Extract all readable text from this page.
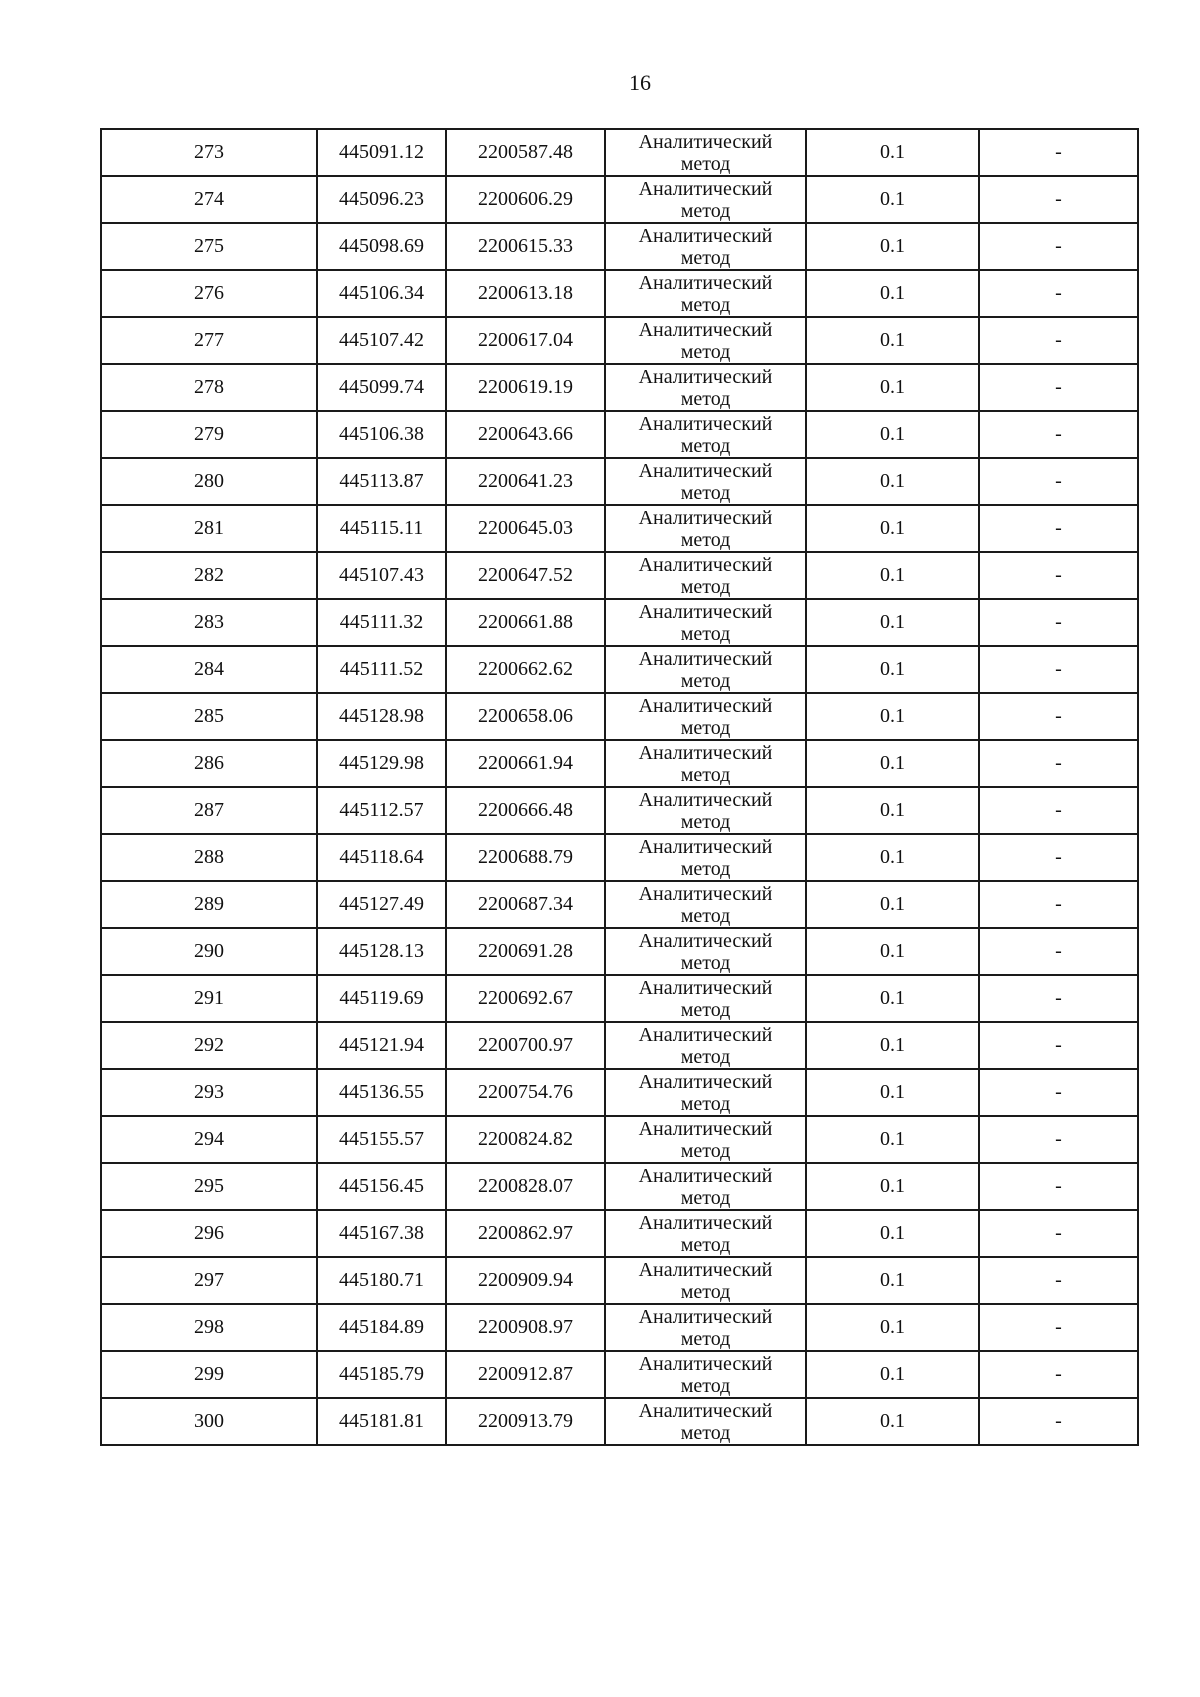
16
273	445091.12	2200587.48	Аналитический
метод	0.1	-
274	445096.23	2200606.29	Аналитический
метод	0.1	-
275	445098.69	2200615.33	Аналитический
метод	0.1	-
276	445106.34	2200613.18	Аналитический
метод	0.1	-
277	445107.42	2200617.04	Аналитический
метод	0.1	-
278	445099.74	2200619.19	Аналитический
метод	0.1	-
279	445106.38	2200643.66	Аналитический
метод	0.1	-
280	445113.87	2200641.23	Аналитический
метод	0.1	-
281	445115.11	2200645.03	Аналитический
метод	0.1	-
282	445107.43	2200647.52	Аналитический
метод	0.1	-
283	445111.32	2200661.88	Аналитический
метод	0.1	-
284	445111.52	2200662.62	Аналитический
метод	0.1	-
285	445128.98	2200658.06	Аналитический
метод	0.1	-
286	445129.98	2200661.94	Аналитический
метод	0.1	-
287	445112.57	2200666.48	Аналитический
метод	0.1	-
288	445118.64	2200688.79	Аналитический
метод	0.1	-
289	445127.49	2200687.34	Аналитический
метод	0.1	-
290	445128.13	2200691.28	Аналитический
метод	0.1	-
291	445119.69	2200692.67	Аналитический
метод	0.1	-
292	445121.94	2200700.97	Аналитический
метод	0.1	-
293	445136.55	2200754.76	Аналитический
метод	0.1	-
294	445155.57	2200824.82	Аналитический
метод	0.1	-
295	445156.45	2200828.07	Аналитический
метод	0.1	-
296	445167.38	2200862.97	Аналитический
метод	0.1	-
297	445180.71	2200909.94	Аналитический
метод	0.1	-
298	445184.89	2200908.97	Аналитический
метод	0.1	-
299	445185.79	2200912.87	Аналитический
метод	0.1	-
300	445181.81	2200913.79	Аналитический
метод	0.1	-
